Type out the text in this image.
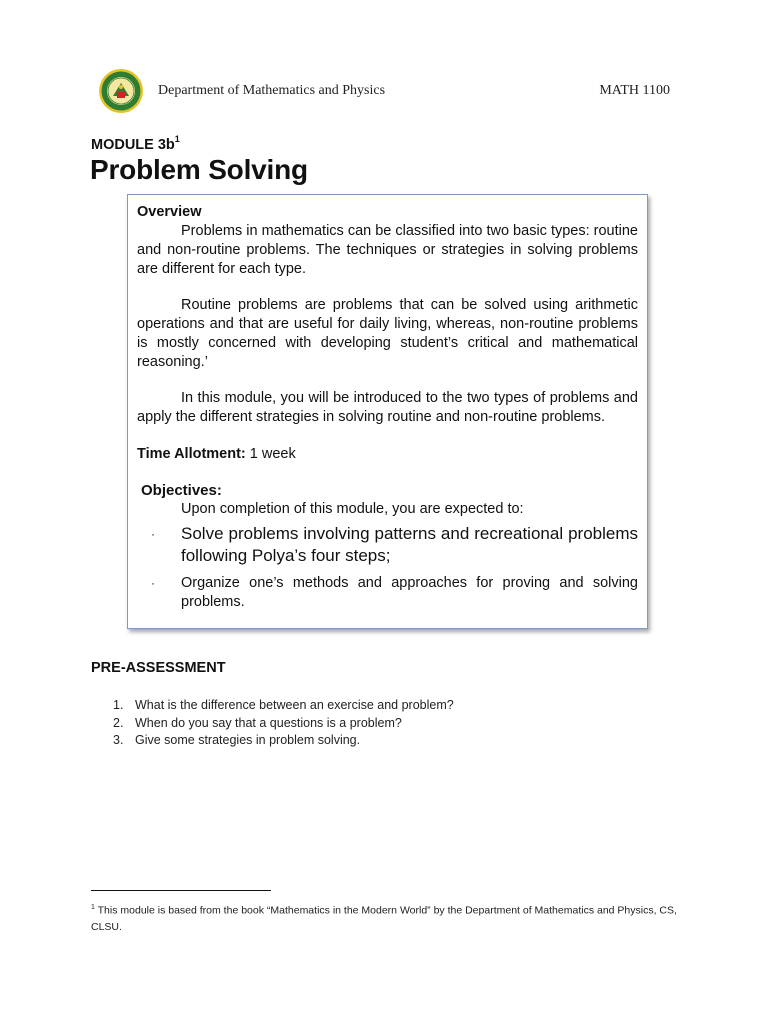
Department of Mathematics and Physics	MATH 1100
MODULE $3b^1$
Problem Solving
Overview

Problems in mathematics can be classified into two basic types: routine and non-routine problems. The techniques or strategies in solving problems are different for each type.

Routine problems are problems that can be solved using arithmetic operations and that are useful for daily living, whereas, non-routine problems is mostly concerned with developing student’s critical and mathematical reasoning.’

In this module, you will be introduced to the two types of problems and apply the different strategies in solving routine and non-routine problems.

Time Allotment: 1 week
Objectives:
Upon completion of this module, you are expected to:
· Solve problems involving patterns and recreational problems following Polya’s four steps;
· Organize one’s methods and approaches for proving and solving problems.
PRE-ASSESSMENT
1. What is the difference between an exercise and problem?
2. When do you say that a questions is a problem?
3. Give some strategies in problem solving.
$^1$ This module is based from the book “Mathematics in the Modern World” by the Department of Mathematics and Physics, CS, CLSU.
